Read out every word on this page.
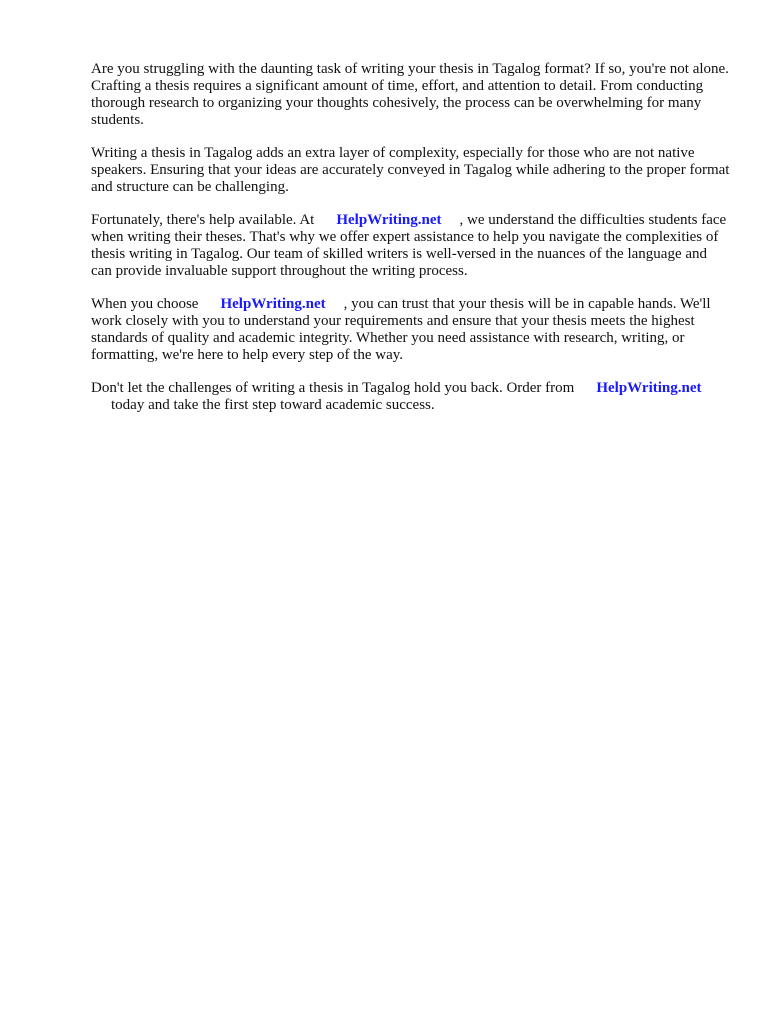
Are you struggling with the daunting task of writing your thesis in Tagalog format? If so, you're not alone. Crafting a thesis requires a significant amount of time, effort, and attention to detail. From conducting thorough research to organizing your thoughts cohesively, the process can be overwhelming for many students.

Writing a thesis in Tagalog adds an extra layer of complexity, especially for those who are not native speakers. Ensuring that your ideas are accurately conveyed in Tagalog while adhering to the proper format and structure can be challenging.

Fortunately, there's help available. At HelpWriting.net , we understand the difficulties students face when writing their theses. That's why we offer expert assistance to help you navigate the complexities of thesis writing in Tagalog. Our team of skilled writers is well-versed in the nuances of the language and can provide invaluable support throughout the writing process.

When you choose HelpWriting.net , you can trust that your thesis will be in capable hands. We'll work closely with you to understand your requirements and ensure that your thesis meets the highest standards of quality and academic integrity. Whether you need assistance with research, writing, or formatting, we're here to help every step of the way.

Don't let the challenges of writing a thesis in Tagalog hold you back. Order from HelpWriting.net
today and take the first step toward academic success.
